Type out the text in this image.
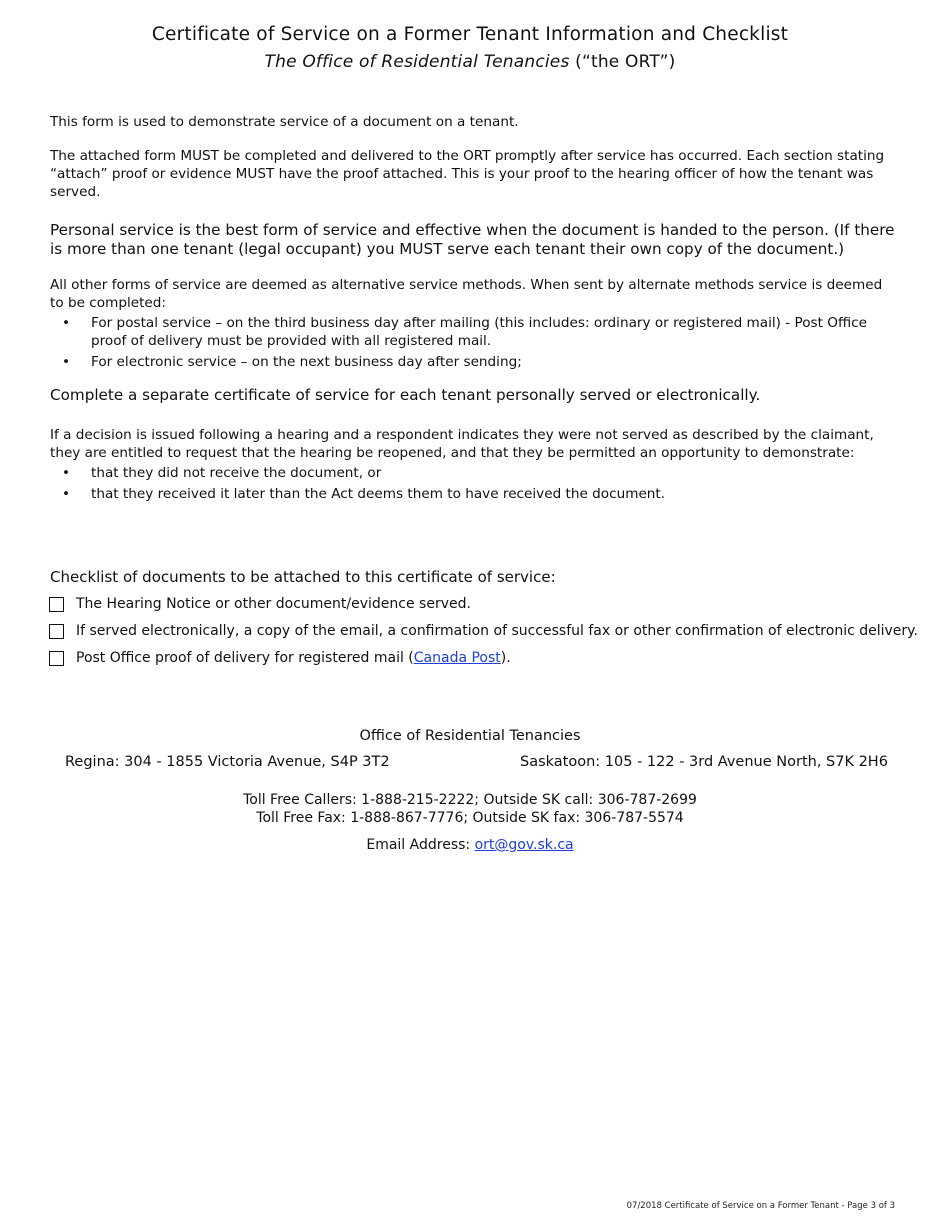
Certificate of Service on a Former Tenant Information and Checklist
The Office of Residential Tenancies (“the ORT”)
This form is used to demonstrate service of a document on a tenant.
The attached form MUST be completed and delivered to the ORT promptly after service has occurred. Each section stating “attach” proof or evidence MUST have the proof attached. This is your proof to the hearing officer of how the tenant was served.
Personal service is the best form of service and effective when the document is handed to the person. (If there is more than one tenant (legal occupant) you MUST serve each tenant their own copy of the document.)
All other forms of service are deemed as alternative service methods. When sent by alternate methods service is deemed to be completed:
• For postal service – on the third business day after mailing (this includes: ordinary or registered mail) - Post Office proof of delivery must be provided with all registered mail.
• For electronic service – on the next business day after sending;
Complete a separate certificate of service for each tenant personally served or electronically.
If a decision is issued following a hearing and a respondent indicates they were not served as described by the claimant, they are entitled to request that the hearing be reopened, and that they be permitted an opportunity to demonstrate:
• that they did not receive the document, or
• that they received it later than the Act deems them to have received the document.
Checklist of documents to be attached to this certificate of service:
The Hearing Notice or other document/evidence served.
If served electronically, a copy of the email, a confirmation of successful fax or other confirmation of electronic delivery.
Post Office proof of delivery for registered mail (Canada Post).
Office of Residential Tenancies
Regina: 304 - 1855 Victoria Avenue, S4P 3T2	Saskatoon: 105 - 122 - 3rd Avenue North, S7K 2H6
Toll Free Callers: 1-888-215-2222; Outside SK call: 306-787-2699
Toll Free Fax: 1-888-867-7776; Outside SK fax: 306-787-5574
Email Address: ort@gov.sk.ca
07/2018 Certificate of Service on a Former Tenant - Page 3 of 3
